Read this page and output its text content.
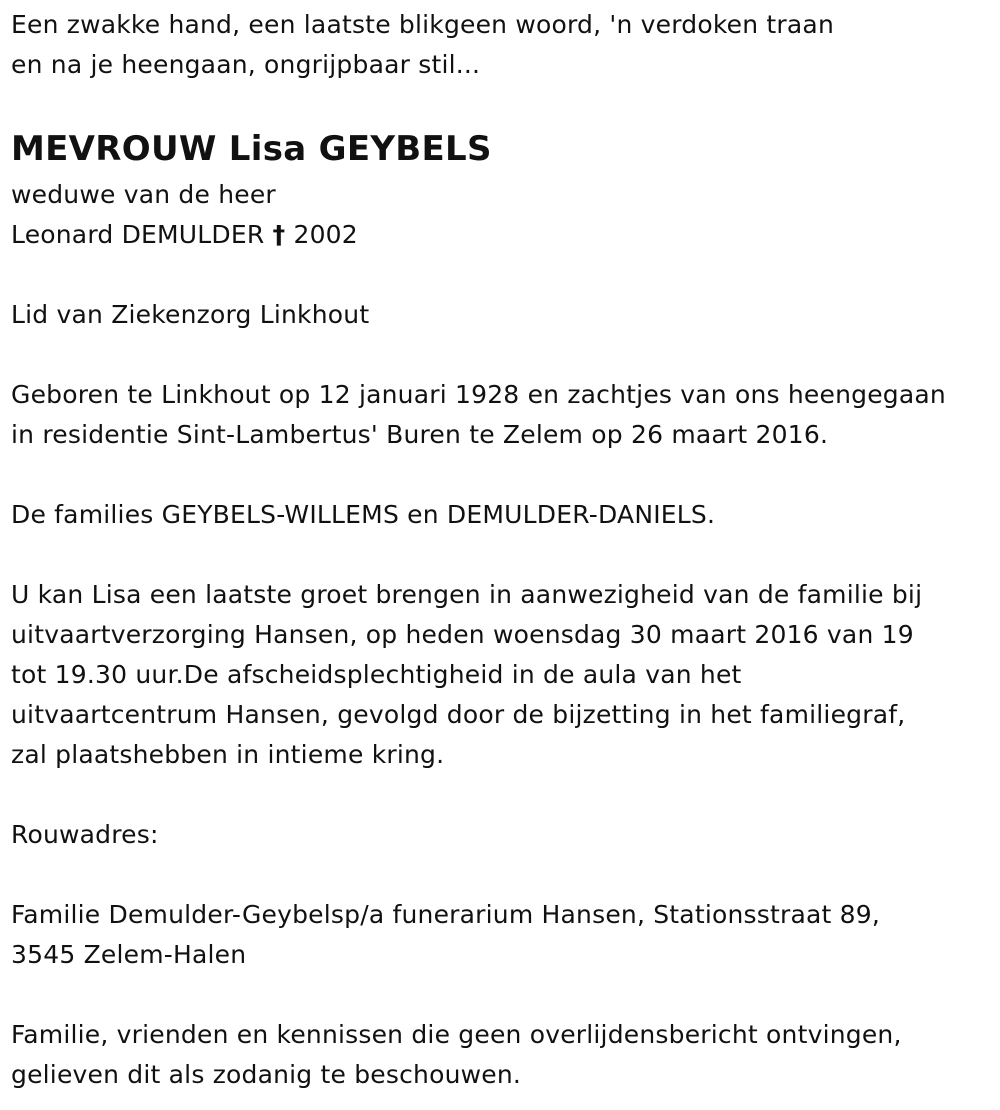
Een zwakke hand, een laatste blikgeen woord, 'n verdoken traan
en na je heengaan, ongrijpbaar stil...

MEVROUW Lisa GEYBELS

weduwe van de heer
Leonard DEMULDER † 2002

Lid van Ziekenzorg Linkhout

Geboren te Linkhout op 12 januari 1928 en zachtjes van ons heengegaan
in residentie Sint-Lambertus' Buren te Zelem op 26 maart 2016.

De families GEYBELS-WILLEMS en DEMULDER-DANIELS.

U kan Lisa een laatste groet brengen in aanwezigheid van de familie bij
uitvaartverzorging Hansen, op heden woensdag 30 maart 2016 van 19
tot 19.30 uur.De afscheidsplechtigheid in de aula van het
uitvaartcentrum Hansen, gevolgd door de bijzetting in het familiegraf,
zal plaatshebben in intieme kring.

Rouwadres:

Familie Demulder-Geybelsp/a funerarium Hansen, Stationsstraat 89,
3545 Zelem-Halen

Familie, vrienden en kennissen die geen overlijdensbericht ontvingen,
gelieven dit als zodanig te beschouwen.
